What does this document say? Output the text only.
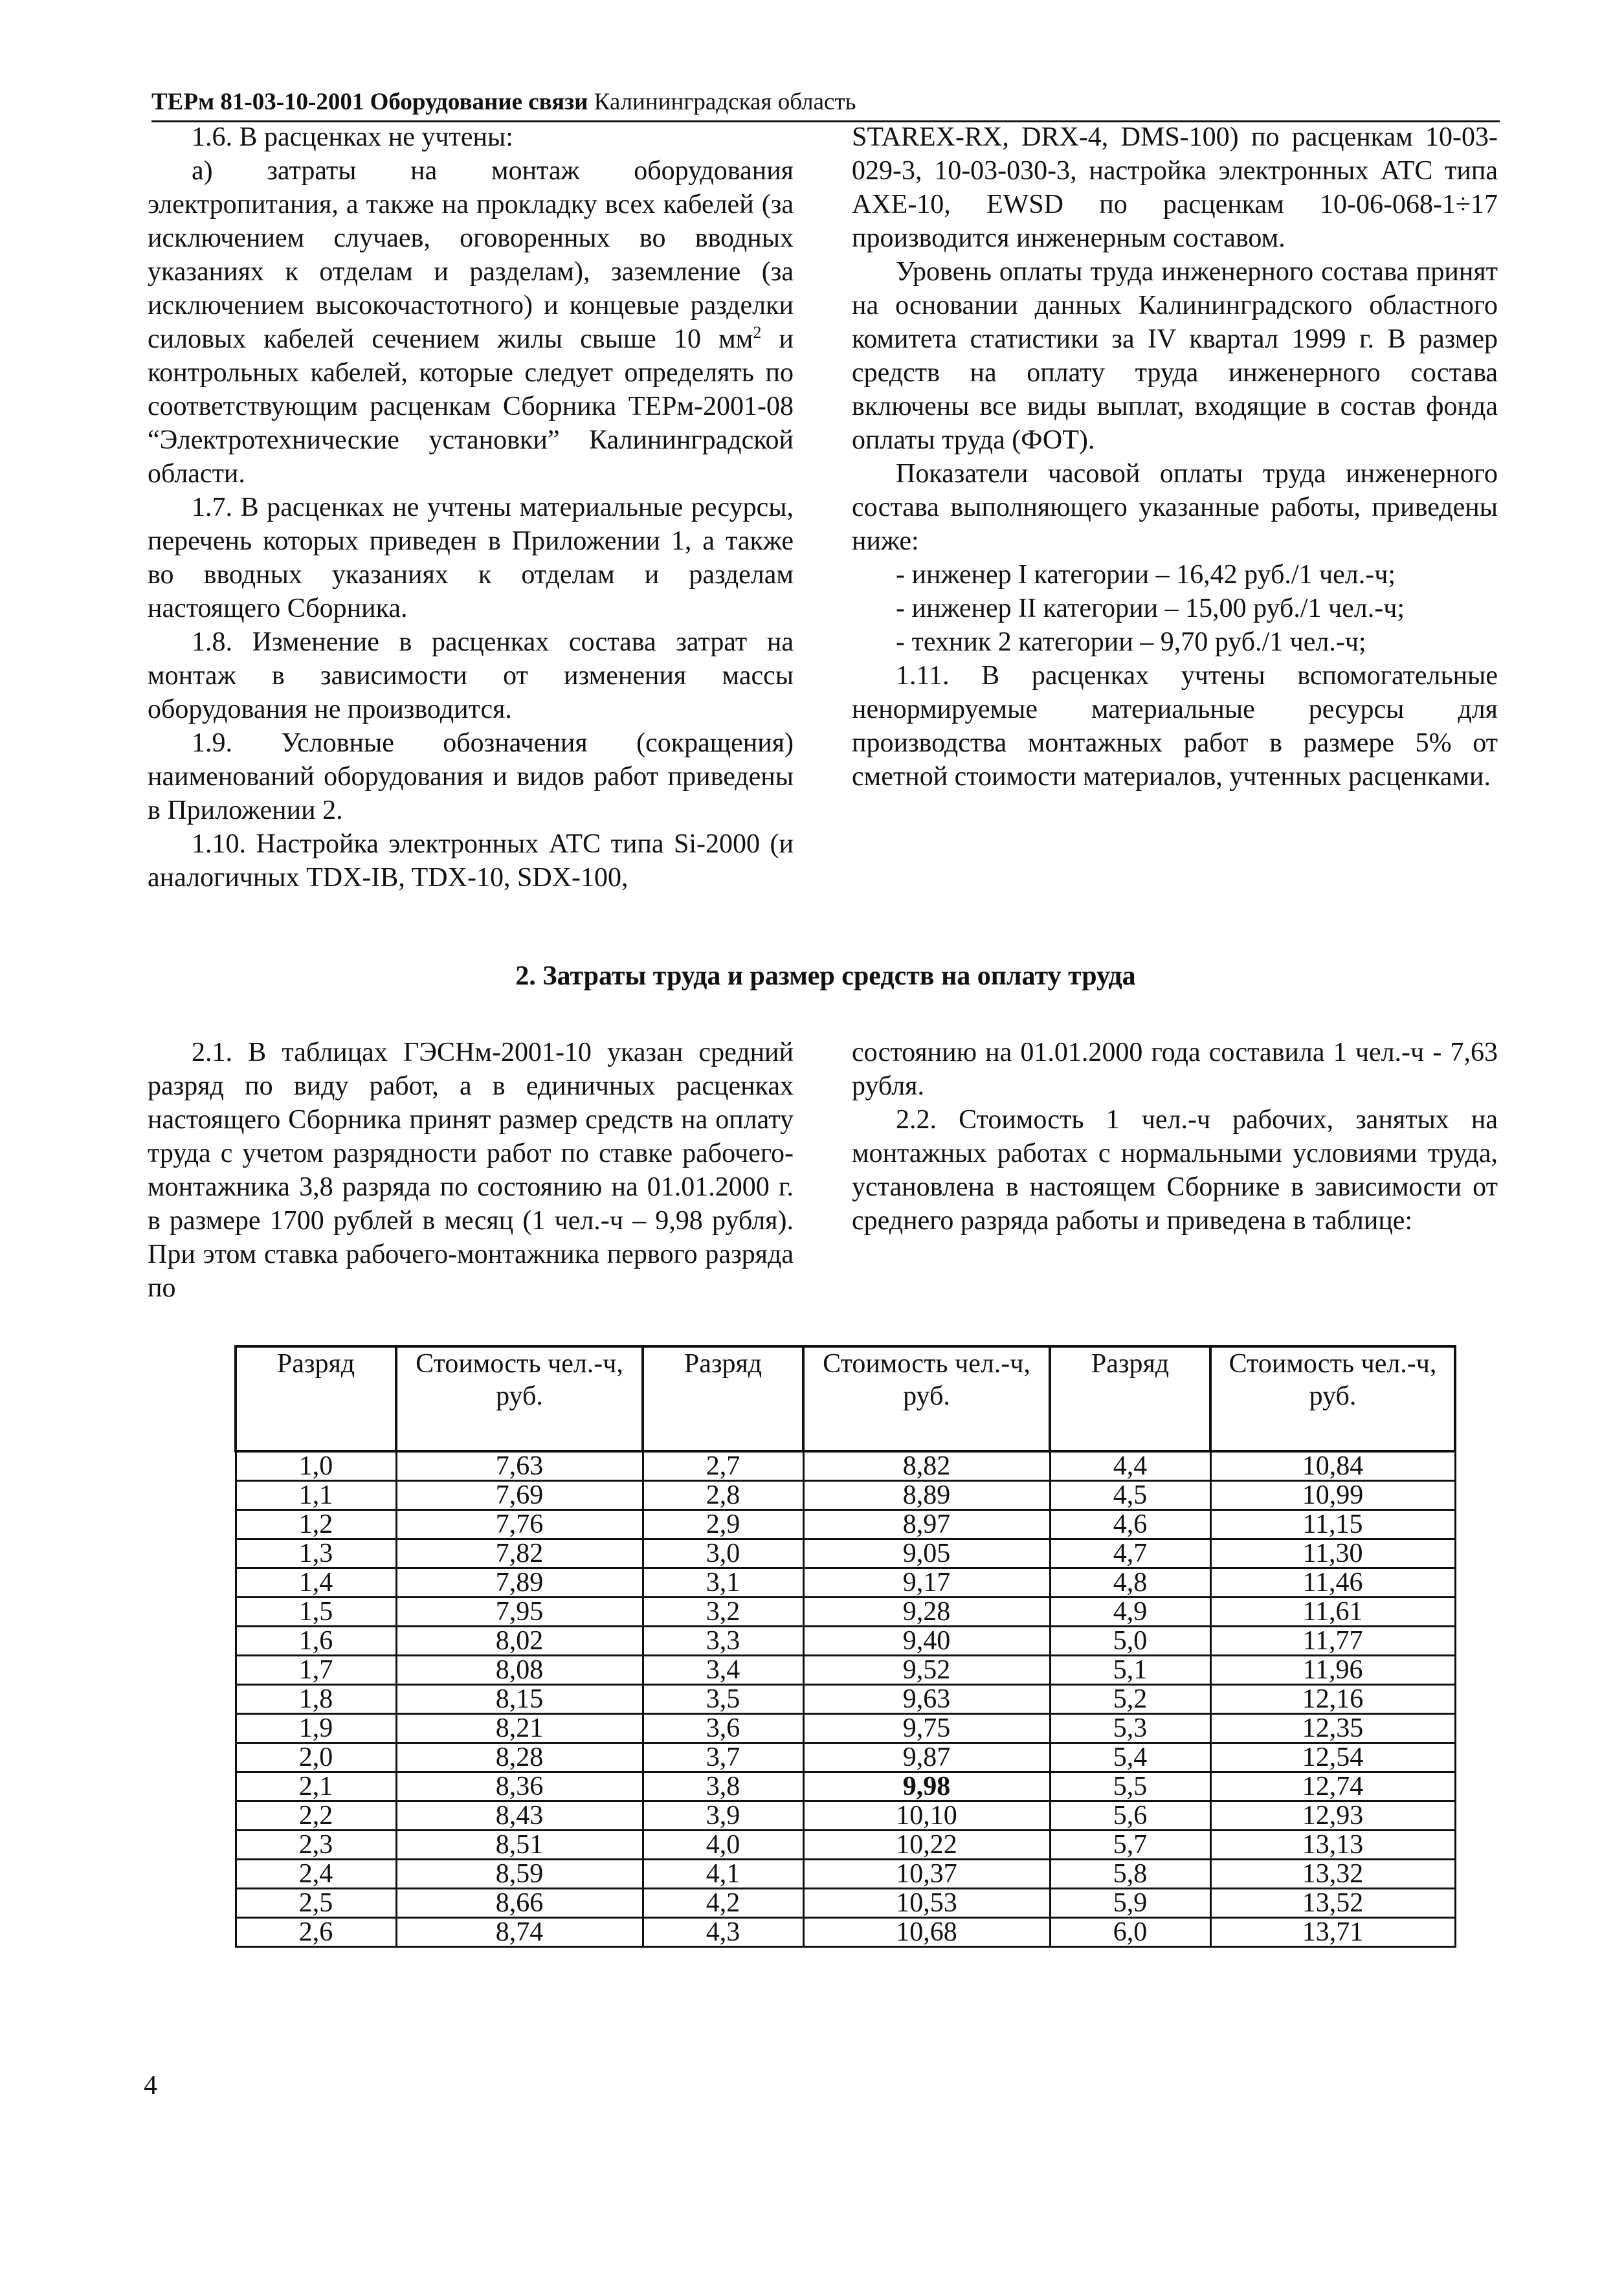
ТЕРм 81-03-10-2001 Оборудование связи Калининградская область

1.6. В расценках не учтены:

а) затраты на монтаж оборудования электропитания, а также на прокладку всех кабелей (за исключением случаев, оговоренных во вводных указаниях к отделам и разделам), заземление (за исключением высокочастотного) и концевые разделки силовых кабелей сечением жилы свыше 10 $мм^2$ и контрольных кабелей, которые следует определять по соответствующим расценкам Сборника ТЕРм-2001-08 “Электротехнические установки” Калининградской области.

1.7. В расценках не учтены материальные ресурсы, перечень которых приведен в Приложении 1, а также во вводных указаниях к отделам и разделам настоящего Сборника.

1.8. Изменение в расценках состава затрат на монтаж в зависимости от изменения массы оборудования не производится.

1.9. Условные обозначения (сокращения) наименований оборудования и видов работ приведены в Приложении 2.

1.10. Настройка электронных АТС типа Si-2000 (и аналогичных TDX-IB, TDX-10, SDX-100,

STAREX-RX, DRX-4, DMS-100) по расценкам 10-03-029-3, 10-03-030-3, настройка электронных АТС типа AXE-10, EWSD по расценкам 10-06-068-1÷17 производится инженерным составом.

Уровень оплаты труда инженерного состава принят на основании данных Калининградского областного комитета статистики за IV квартал 1999 г. В размер средств на оплату труда инженерного состава включены все виды выплат, входящие в состав фонда оплаты труда (ФОТ).

Показатели часовой оплаты труда инженерного состава выполняющего указанные работы, приведены ниже:

- инженер I категории – 16,42 руб./1 чел.-ч;

- инженер II категории – 15,00 руб./1 чел.-ч;

- техник 2 категории – 9,70 руб./1 чел.-ч;

1.11. В расценках учтены вспомогательные ненормируемые материальные ресурсы для производства монтажных работ в размере 5% от сметной стоимости материалов, учтенных расценками.

2. Затраты труда и размер средств на оплату труда

2.1. В таблицах ГЭСНм-2001-10 указан средний разряд по виду работ, а в единичных расценках настоящего Сборника принят размер средств на оплату труда с учетом разрядности работ по ставке рабочего-монтажника 3,8 разряда по состоянию на 01.01.2000 г. в размере 1700 рублей в месяц (1 чел.-ч – 9,98 рубля). При этом ставка рабочего-монтажника первого разряда по

состоянию на 01.01.2000 года составила 1 чел.-ч - 7,63 рубля.

2.2. Стоимость 1 чел.-ч рабочих, занятых на монтажных работах с нормальными условиями труда, установлена в настоящем Сборнике в зависимости от среднего разряда работы и приведена в таблице:

Разряд	Стоимость чел.-ч, руб.	Разряд	Стоимость чел.-ч, руб.	Разряд	Стоимость чел.-ч, руб.
1,0	7,63	2,7	8,82	4,4	10,84
1,1	7,69	2,8	8,89	4,5	10,99
1,2	7,76	2,9	8,97	4,6	11,15
1,3	7,82	3,0	9,05	4,7	11,30
1,4	7,89	3,1	9,17	4,8	11,46
1,5	7,95	3,2	9,28	4,9	11,61
1,6	8,02	3,3	9,40	5,0	11,77
1,7	8,08	3,4	9,52	5,1	11,96
1,8	8,15	3,5	9,63	5,2	12,16
1,9	8,21	3,6	9,75	5,3	12,35
2,0	8,28	3,7	9,87	5,4	12,54
2,1	8,36	3,8	9,98	5,5	12,74
2,2	8,43	3,9	10,10	5,6	12,93
2,3	8,51	4,0	10,22	5,7	13,13
2,4	8,59	4,1	10,37	5,8	13,32
2,5	8,66	4,2	10,53	5,9	13,52
2,6	8,74	4,3	10,68	6,0	13,71
4
